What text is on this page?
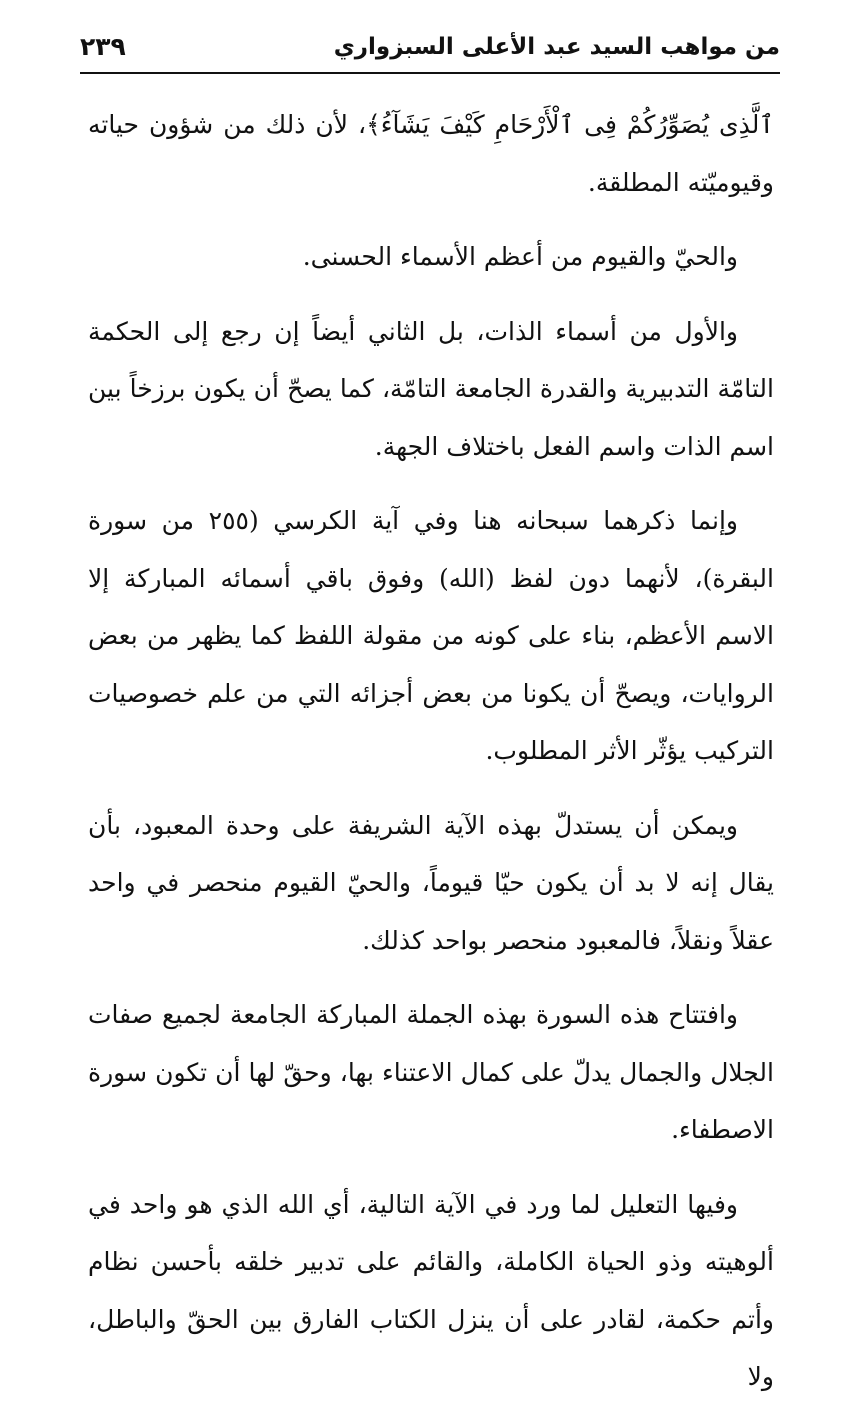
من مواهب السيد عبد الأعلى السبزواري
٢٣٩

ٱلَّذِى يُصَوِّرُكُمْ فِى ٱلْأَرْحَامِ كَيْفَ يَشَآءُ﴾، لأن ذلك من شؤون حياته وقيوميّته المطلقة.

والحيّ والقيوم من أعظم الأسماء الحسنى.

والأول من أسماء الذات، بل الثاني أيضاً إن رجع إلى الحكمة التامّة التدبيرية والقدرة الجامعة التامّة، كما يصحّ أن يكون برزخاً بين اسم الذات واسم الفعل باختلاف الجهة.

وإنما ذكرهما سبحانه هنا وفي آية الكرسي (٢٥٥ من سورة البقرة)، لأنهما دون لفظ (الله) وفوق باقي أسمائه المباركة إلا الاسم الأعظم، بناء على كونه من مقولة اللفظ كما يظهر من بعض الروايات، ويصحّ أن يكونا من بعض أجزائه التي من علم خصوصيات التركيب يؤثّر الأثر المطلوب.

ويمكن أن يستدلّ بهذه الآية الشريفة على وحدة المعبود، بأن يقال إنه لا بد أن يكون حيّا قيوماً، والحيّ القيوم منحصر في واحد عقلاً ونقلاً، فالمعبود منحصر بواحد كذلك.

وافتتاح هذه السورة بهذه الجملة المباركة الجامعة لجميع صفات الجلال والجمال يدلّ على كمال الاعتناء بها، وحقّ لها أن تكون سورة الاصطفاء.

وفيها التعليل لما ورد في الآية التالية، أي الله الذي هو واحد في ألوهيته وذو الحياة الكاملة، والقائم على تدبير خلقه بأحسن نظام وأتم حكمة، لقادر على أن ينزل الكتاب الفارق بين الحقّ والباطل، ولا
